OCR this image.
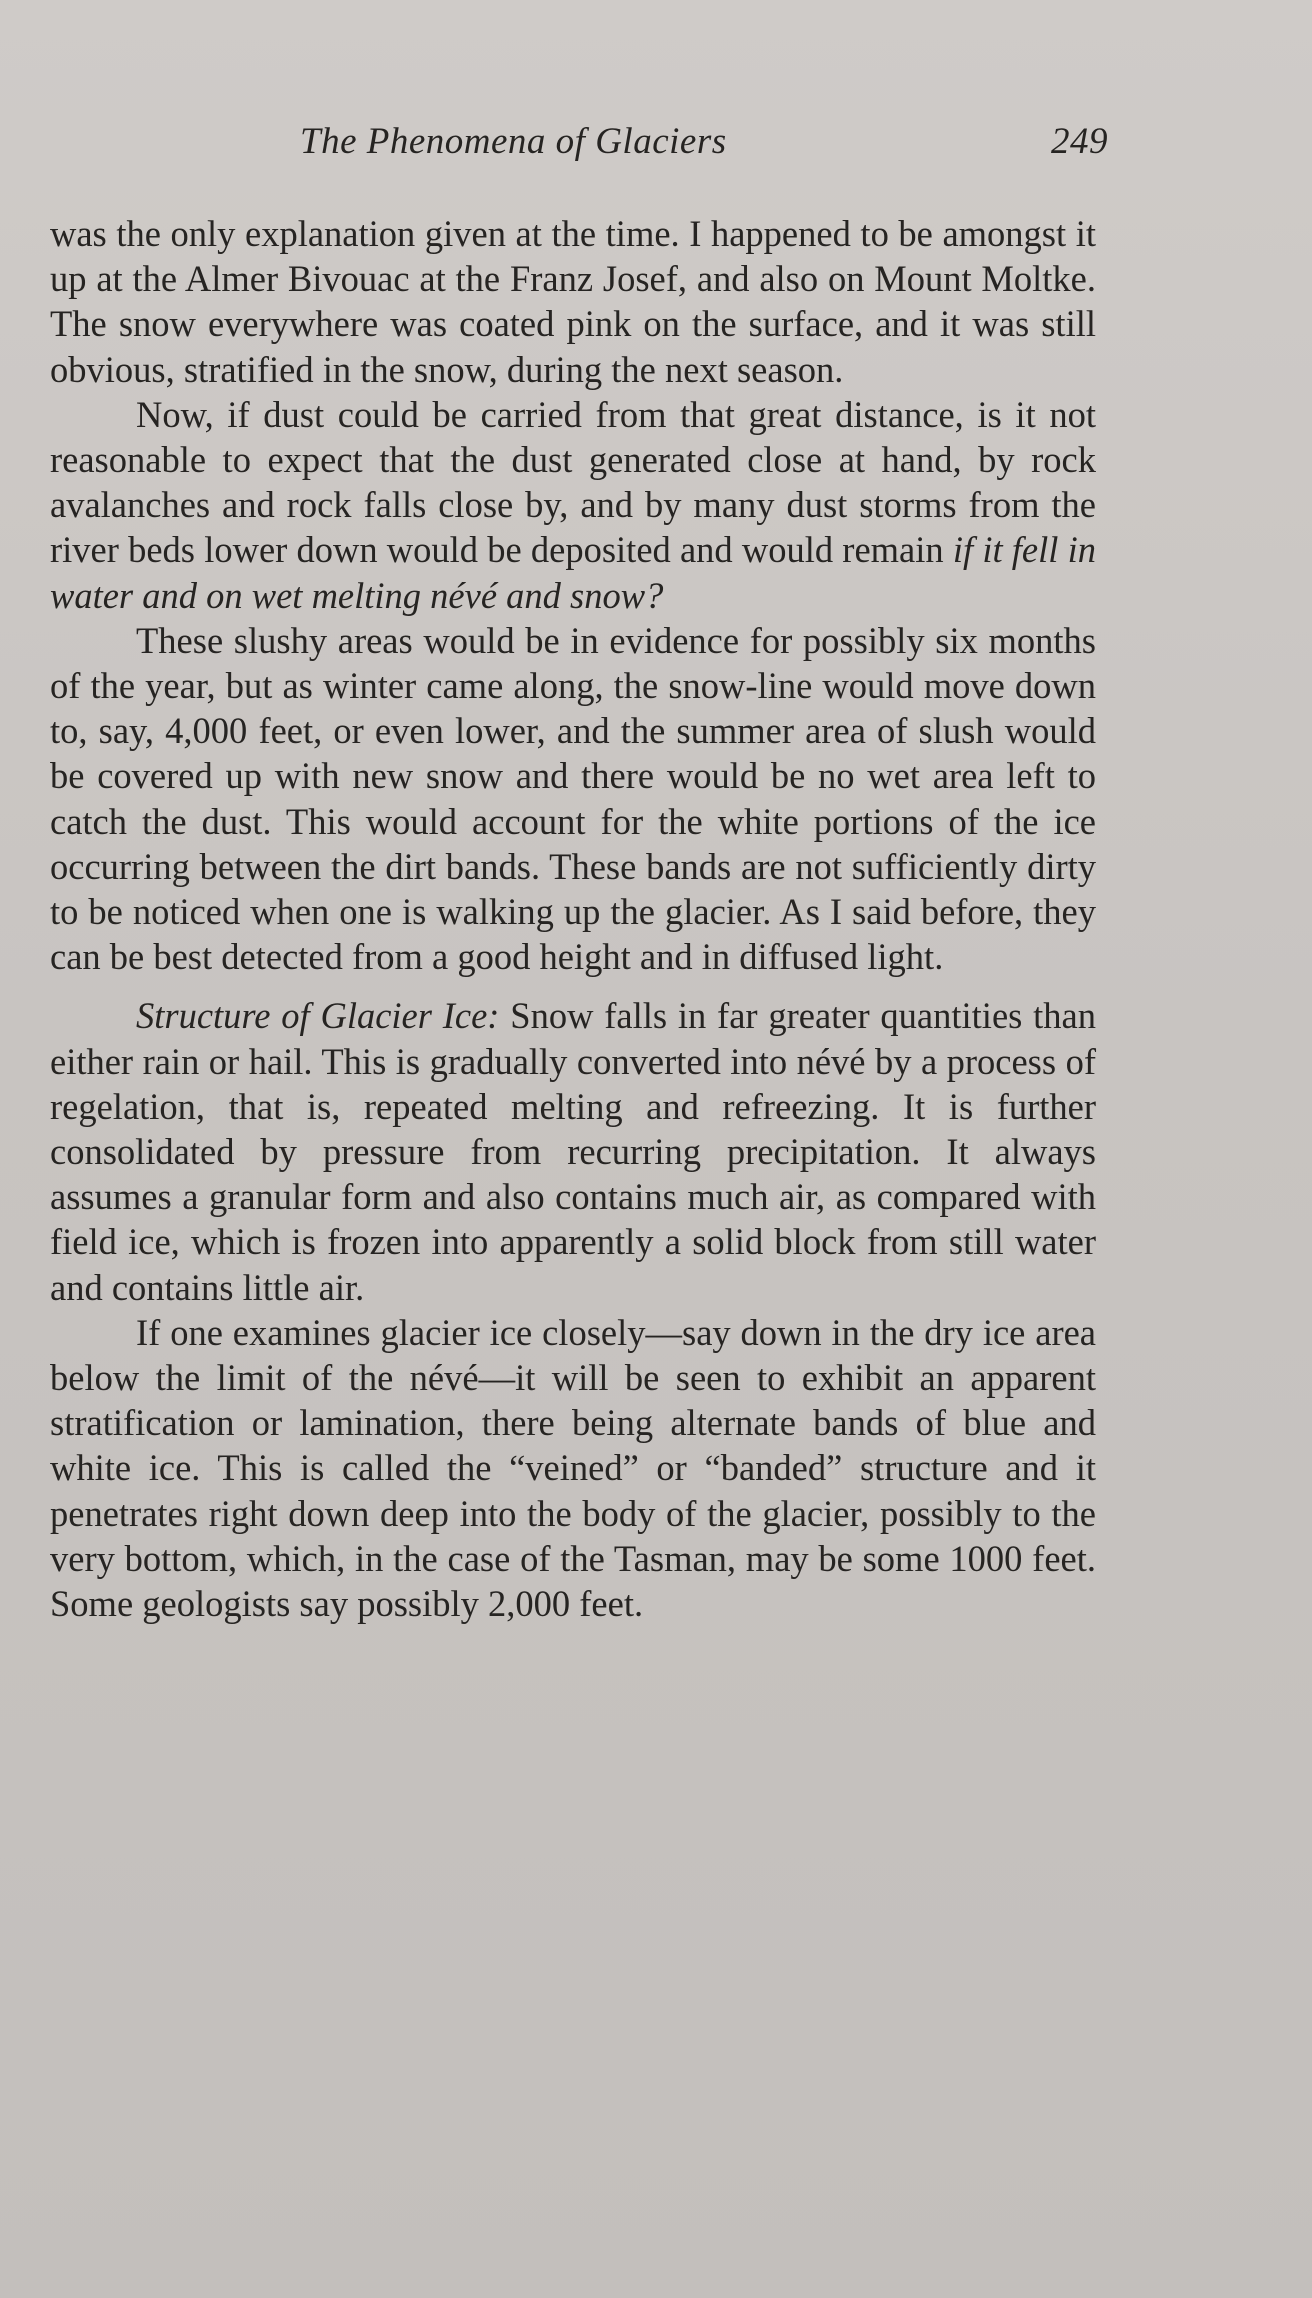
The Phenomena of Glaciers	249

was the only explanation given at the time. I happened to be amongst it up at the Almer Bivouac at the Franz Josef, and also on Mount Moltke. The snow everywhere was coated pink on the surface, and it was still obvious, stratified in the snow, during the next season.

Now, if dust could be carried from that great distance, is it not reasonable to expect that the dust generated close at hand, by rock avalanches and rock falls close by, and by many dust storms from the river beds lower down would be deposited and would remain if it fell in water and on wet melting névé and snow?

These slushy areas would be in evidence for possibly six months of the year, but as winter came along, the snow-line would move down to, say, 4,000 feet, or even lower, and the summer area of slush would be covered up with new snow and there would be no wet area left to catch the dust. This would account for the white portions of the ice occurring between the dirt bands. These bands are not sufficiently dirty to be noticed when one is walking up the glacier. As I said before, they can be best detected from a good height and in diffused light.

Structure of Glacier Ice: Snow falls in far greater quantities than either rain or hail. This is gradually converted into névé by a process of regelation, that is, repeated melting and refreezing. It is further consolidated by pressure from recurring precipitation. It always assumes a granular form and also contains much air, as compared with field ice, which is frozen into apparently a solid block from still water and contains little air.

If one examines glacier ice closely—say down in the dry ice area below the limit of the névé—it will be seen to exhibit an apparent stratification or lamination, there being alternate bands of blue and white ice. This is called the “veined” or “banded” structure and it penetrates right down deep into the body of the glacier, possibly to the very bottom, which, in the case of the Tasman, may be some 1000 feet. Some geologists say possibly 2,000 feet.
